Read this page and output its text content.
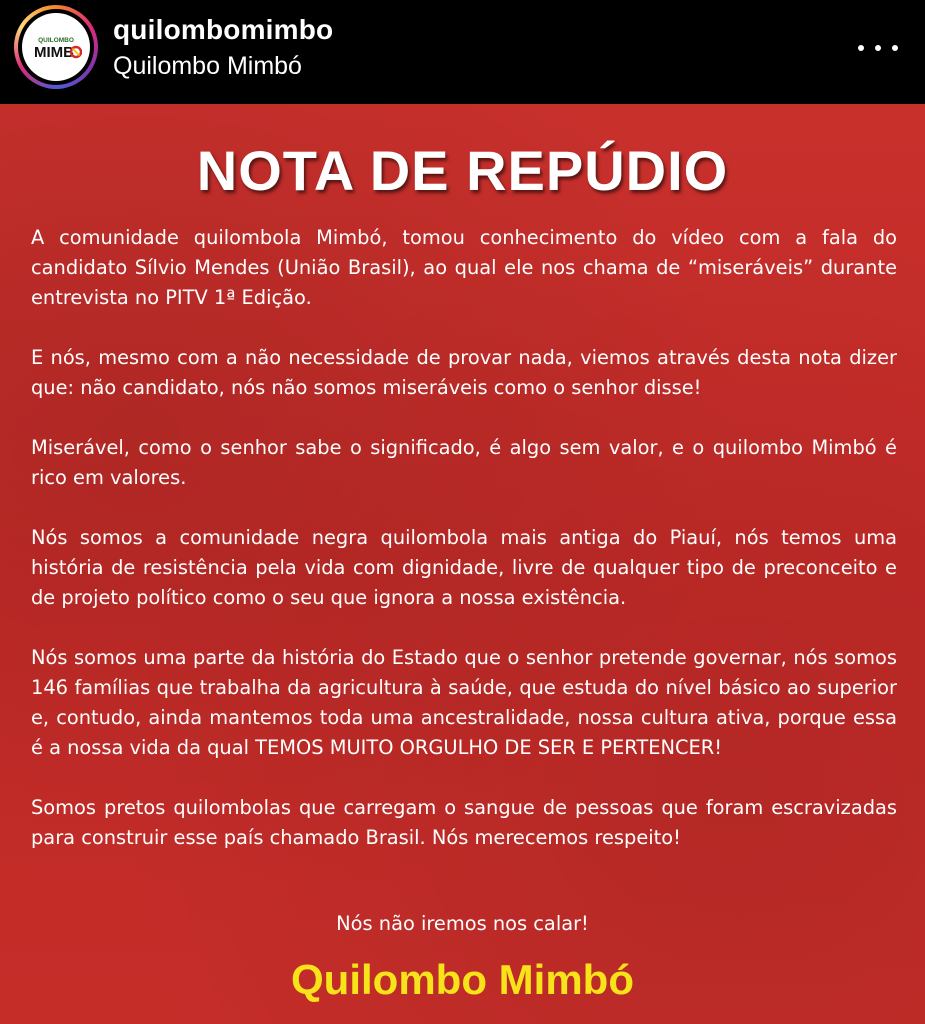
QUILOMBO
MIMB
quilombomimbo
Quilombo Mimbó
NOTA DE REPÚDIO

A comunidade quilombola Mimbó, tomou conhecimento do vídeo com a fala do candidato Sílvio Mendes (União Brasil), ao qual ele nos chama de “miseráveis” durante entrevista no PITV 1ª Edição.

E nós, mesmo com a não necessidade de provar nada, viemos através desta nota dizer que: não candidato, nós não somos miseráveis como o senhor disse!

Miserável, como o senhor sabe o significado, é algo sem valor, e o quilombo Mimbó é rico em valores.

Nós somos a comunidade negra quilombola mais antiga do Piauí, nós temos uma história de resistência pela vida com dignidade, livre de qualquer tipo de preconceito e de projeto político como o seu que ignora a nossa existência.

Nós somos uma parte da história do Estado que o senhor pretende governar, nós somos 146 famílias que trabalha da agricultura à saúde, que estuda do nível básico ao superior e, contudo, ainda mantemos toda uma ancestralidade, nossa cultura ativa, porque essa é a nossa vida da qual TEMOS MUITO ORGULHO DE SER E PERTENCER!

Somos pretos quilombolas que carregam o sangue de pessoas que foram escravizadas para construir esse país chamado Brasil. Nós merecemos respeito!

Nós não iremos nos calar!
Quilombo Mimbó
